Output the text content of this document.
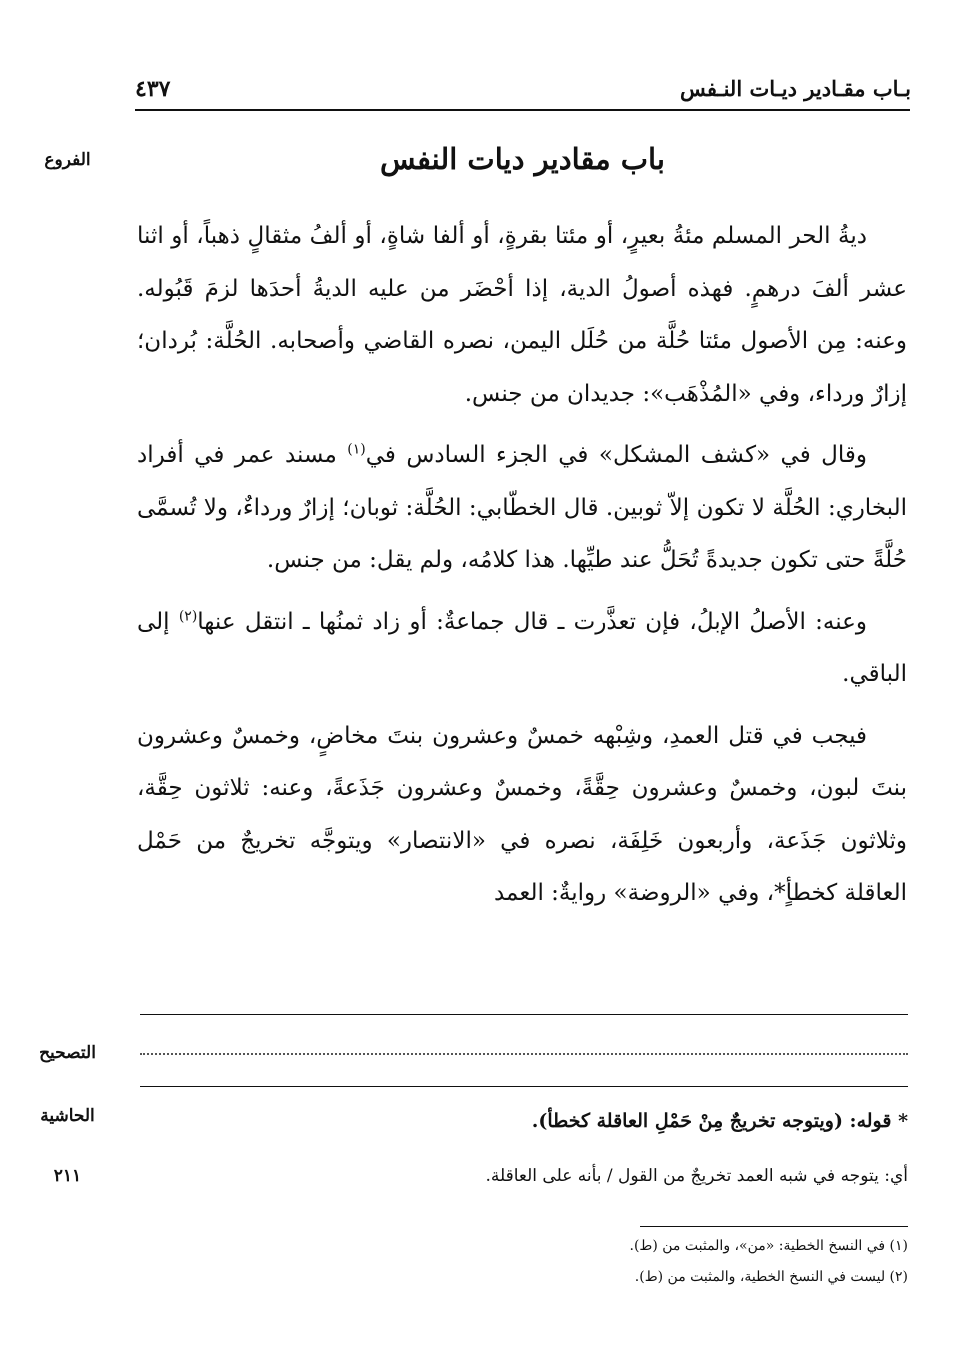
بـاب مقـادير ديـات النـفس
٤٣٧
الفروع	باب مقادير ديات النفس

ديةُ الحر المسلم مئةُ بعيرٍ، أو مئتا بقرةٍ، أو ألفا شاةٍ، أو ألفُ مثقالٍ ذهباً، أو اثنا عشر ألفَ درهمٍ. فهذه أصولُ الدية، إذا أحْضَر من عليه الديةُ أحدَها لزمَ قَبُوله. وعنه: مِن الأصول مئتا حُلَّة من حُلَل اليمن، نصره القاضي وأصحابه. الحُلَّة: بُردان؛ إزارٌ ورداء، وفي «المُذْهَب»: جديدان من جنس.

وقال في «كشف المشكل» في الجزء السادس في$^{(١)}$ مسند عمر في أفراد البخاري: الحُلَّة لا تكون إلاّ ثوبين. قال الخطّابي: الحُلَّة: ثوبان؛ إزارٌ ورداءٌ، ولا تُسمَّى حُلَّةً حتى تكون جديدةً تُحَلُّ عند طيِّها. هذا كلامُه، ولم يقل: من جنس.

وعنه: الأصلُ الإبلُ، فإن تعذَّرت ـ قال جماعةٌ: أو زاد ثمنُها ـ انتقل عنها$^{(٢)}$ إلى الباقي.

فيجب في قتل العمدِ، وشِبْهه خمسٌ وعشرون بنتَ مخاضٍ، وخمسٌ وعشرون بنتَ لبون، وخمسٌ وعشرون حِقَّةً، وخمسٌ وعشرون جَذَعةً، وعنه: ثلاثون حِقَّة، وثلاثون جَذَعة، وأربعون خَلِفَة، نصره في «الانتصار» ويتوجَّه تخريجٌ من حَمْل العاقلة كخطأٍ*، وفي «الروضة» روايةٌ: العمد

التصحيح
الحاشية
٢١١
* قوله: (ويتوجه تخريجٌ مِنْ حَمْلِ العاقلة كخطأ).
أي: يتوجه في شبه العمد تخريجٌ من القول / بأنه على العاقلة.
(١) في النسخ الخطية: «من»، والمثبت من (ط).
(٢) ليست في النسخ الخطية، والمثبت من (ط).
